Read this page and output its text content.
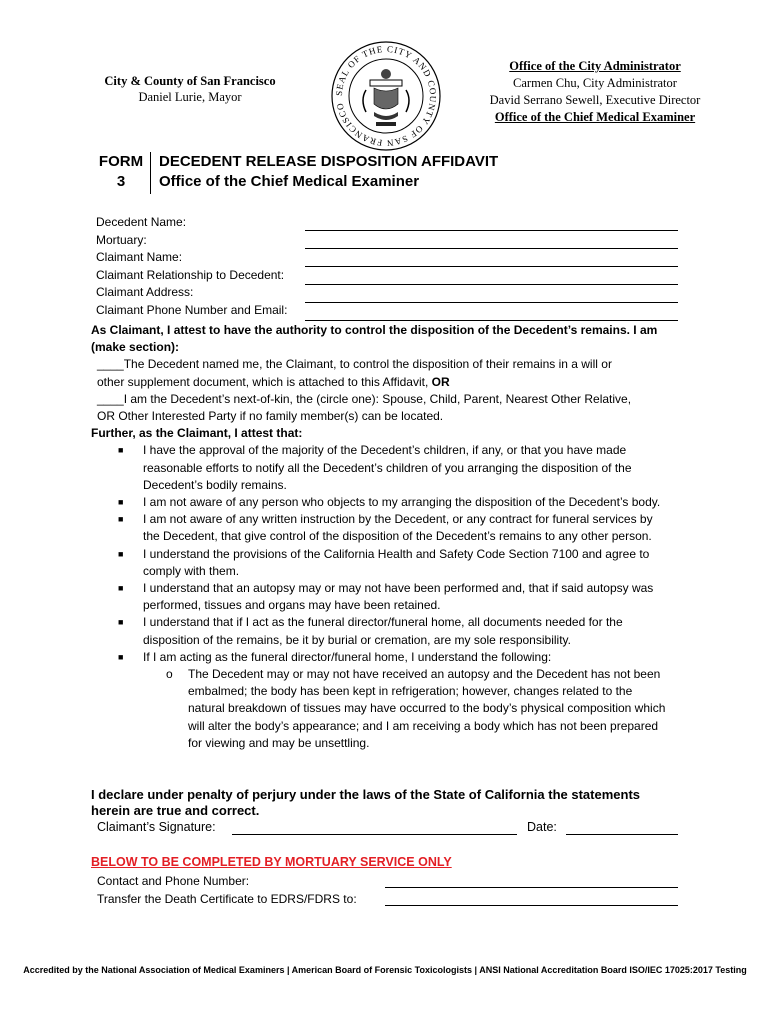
City & County of San Francisco
Daniel Lurie, Mayor	SEAL OF THE CITY AND COUNTY OF SAN FRANCISCO
Office of the City Administrator
Carmen Chu, City Administrator
David Serrano Sewell, Executive Director
Office of the Chief Medical Examiner
FORM
3
DECEDENT RELEASE DISPOSITION AFFIDAVIT
Office of the Chief Medical Examiner
Decedent Name:
Mortuary:
Claimant Name:
Claimant Relationship to Decedent:
Claimant Address:
Claimant Phone Number and Email:

As Claimant, I attest to have the authority to control the disposition of the Decedent’s remains. I am (make section):

____The Decedent named me, the Claimant, to control the disposition of their remains in a will or

other supplement document, which is attached to this Affidavit, OR

____I am the Decedent’s next-of-kin, the (circle one): Spouse, Child, Parent, Nearest Other Relative,

OR Other Interested Party if no family member(s) can be located.

Further, as the Claimant, I attest that:

■ I have the approval of the majority of the Decedent’s children, if any, or that you have made reasonable efforts to notify all the Decedent’s children of you arranging the disposition of the Decedent’s bodily remains.
■ I am not aware of any person who objects to my arranging the disposition of the Decedent’s body.
■ I am not aware of any written instruction by the Decedent, or any contract for funeral services by the Decedent, that give control of the disposition of the Decedent’s remains to any other person.
■ I understand the provisions of the California Health and Safety Code Section 7100 and agree to comply with them.
■ I understand that an autopsy may or may not have been performed and, that if said autopsy was performed, tissues and organs may have been retained.
■ I understand that if I act as the funeral director/funeral home, all documents needed for the disposition of the remains, be it by burial or cremation, are my sole responsibility.
■ If I am acting as the funeral director/funeral home, I understand the following:
o The Decedent may or may not have received an autopsy and the Decedent has not been embalmed; the body has been kept in refrigeration; however, changes related to the natural breakdown of tissues may have occurred to the body’s physical composition which will alter the body’s appearance; and I am receiving a body which has not been prepared for viewing and may be unsettling.
I declare under penalty of perjury under the laws of the State of California the statements herein are true and correct.
Claimant’s Signature:	Date:
BELOW TO BE COMPLETED BY MORTUARY SERVICE ONLY
Contact and Phone Number:
Transfer the Death Certificate to EDRS/FDRS to:
Accredited by the National Association of Medical Examiners | American Board of Forensic Toxicologists | ANSI National Accreditation Board ISO/IEC 17025:2017 Testing
